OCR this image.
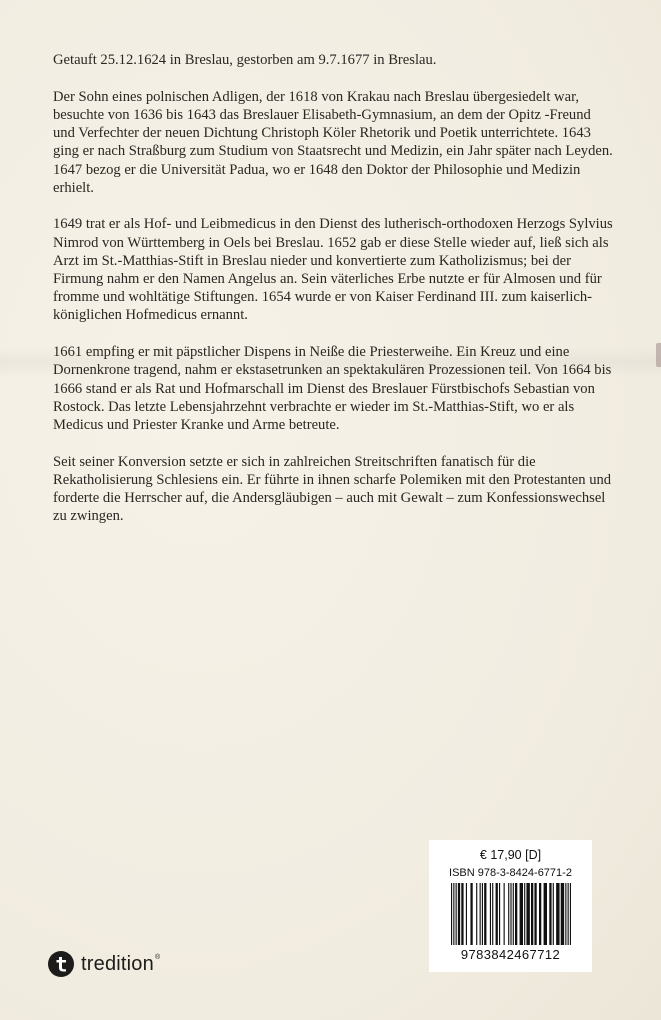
Getauft 25.12.1624 in Breslau, gestorben am 9.7.1677 in Breslau.

Der Sohn eines polnischen Adligen, der 1618 von Krakau nach Breslau übergesiedelt war, besuchte von 1636 bis 1643 das Breslauer Elisabeth-Gymnasium, an dem der Opitz -Freund und Verfechter der neuen Dichtung Christoph Köler Rhetorik und Poetik unterrichtete. 1643 ging er nach Straßburg zum Studium von Staatsrecht und Medizin, ein Jahr später nach Leyden. 1647 bezog er die Universität Padua, wo er 1648 den Doktor der Philosophie und Medizin erhielt.

1649 trat er als Hof- und Leibmedicus in den Dienst des lutherisch-orthodoxen Herzogs Sylvius Nimrod von Württemberg in Oels bei Breslau. 1652 gab er diese Stelle wieder auf, ließ sich als Arzt im St.-Matthias-Stift in Breslau nieder und konvertierte zum Katholizismus; bei der Firmung nahm er den Namen Angelus an. Sein väterliches Erbe nutzte er für Almosen und für fromme und wohltätige Stiftungen. 1654 wurde er von Kaiser Ferdinand III. zum kaiserlich-königlichen Hofmedicus ernannt.

1661 empfing er mit päpstlicher Dispens in Neiße die Priesterweihe. Ein Kreuz und eine Dornenkrone tragend, nahm er ekstasetrunken an spektakulären Prozessionen teil. Von 1664 bis 1666 stand er als Rat und Hofmarschall im Dienst des Breslauer Fürstbischofs Sebastian von Rostock. Das letzte Lebensjahrzehnt verbrachte er wieder im St.-Matthias-Stift, wo er als Medicus und Priester Kranke und Arme betreute.

Seit seiner Konversion setzte er sich in zahlreichen Streitschriften fanatisch für die Rekatholisierung Schlesiens ein. Er führte in ihnen scharfe Polemiken mit den Protestanten und forderte die Herrscher auf, die Andersgläubigen – auch mit Gewalt – zum Konfessionswechsel zu zwingen.

€ 17,90 [D]
ISBN 978-3-8424-6771-2
9783842467712
tredition®
